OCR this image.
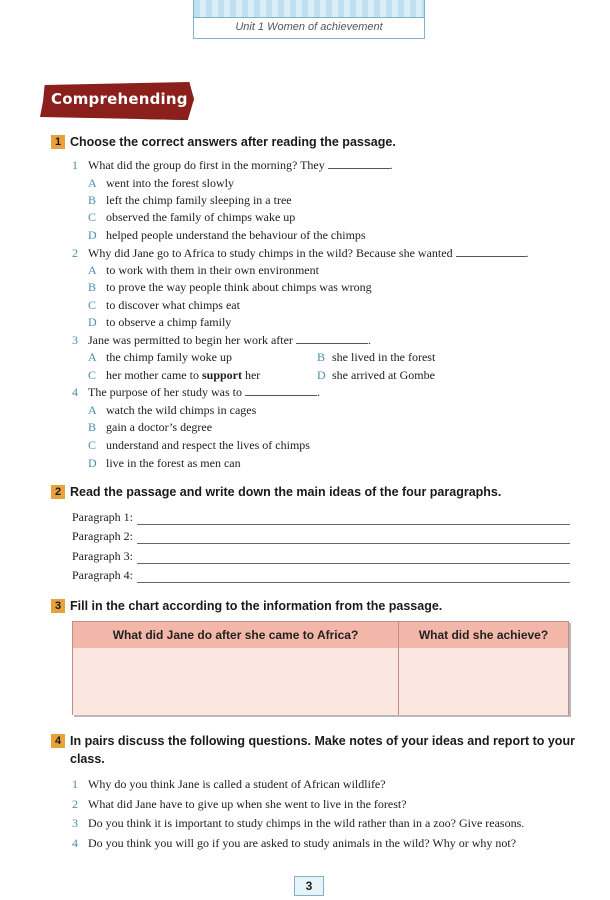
Unit 1 Women of achievement
Comprehending
1 Choose the correct answers after reading the passage.
1 What did the group do first in the morning? They	.
A went into the forest slowly
B left the chimp family sleeping in a tree
C observed the family of chimps wake up
D helped people understand the behaviour of the chimps
2 Why did Jane go to Africa to study chimps in the wild? Because she wanted	.
A to work with them in their own environment
B to prove the way people think about chimps was wrong
C to discover what chimps eat
D to observe a chimp family
3 Jane was permitted to begin her work after	.
A the chimp family woke up	B she lived in the forest
C her mother came to support her	D she arrived at Gombe
4 The purpose of her study was to	.
A watch the wild chimps in cages
B gain a doctor’s degree
C understand and respect the lives of chimps
D live in the forest as men can
2 Read the passage and write down the main ideas of the four paragraphs.
Paragraph 1:
Paragraph 2:
Paragraph 3:
Paragraph 4:
3 Fill in the chart according to the information from the passage.
What did Jane do after she came to Africa?	What did she achieve?
4 In pairs discuss the following questions. Make notes of your ideas and report to your class.
1 Why do you think Jane is called a student of African wildlife?
2 What did Jane have to give up when she went to live in the forest?
3 Do you think it is important to study chimps in the wild rather than in a zoo? Give reasons.
4 Do you think you will go if you are asked to study animals in the wild? Why or why not?
3
